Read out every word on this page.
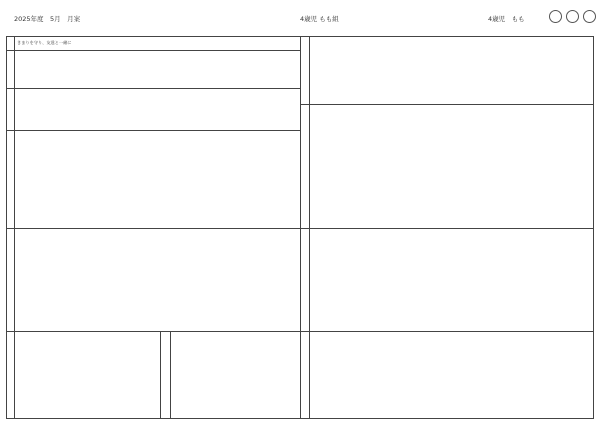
2025年度　5月　月案	4歳児 もも組	4歳児　もも
きまりを守り、友達と一緒に
